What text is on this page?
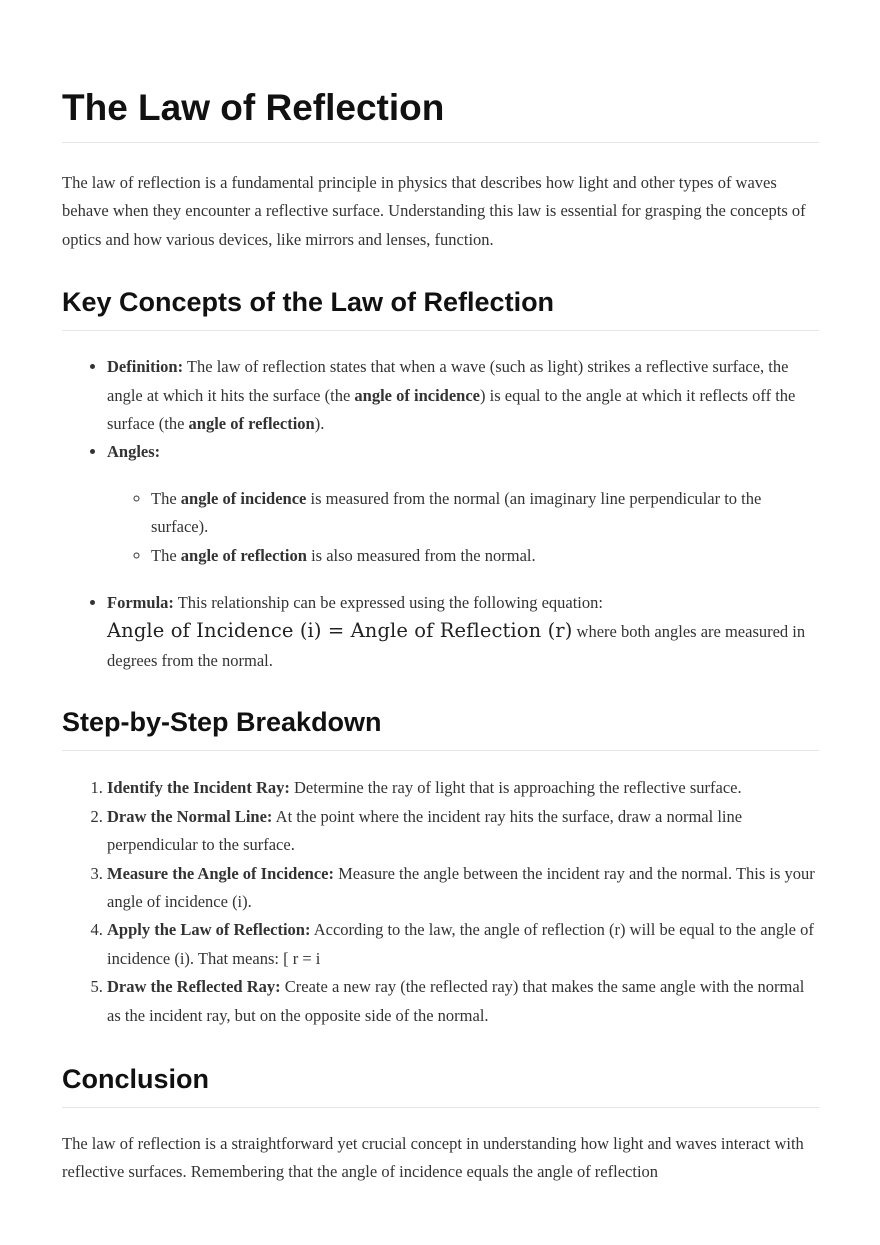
The Law of Reflection

The law of reflection is a fundamental principle in physics that describes how light and other types of waves behave when they encounter a reflective surface. Understanding this law is essential for grasping the concepts of optics and how various devices, like mirrors and lenses, function.

Key Concepts of the Law of Reflection
• Definition: The law of reflection states that when a wave (such as light) strikes a reflective surface, the angle at which it hits the surface (the angle of incidence) is equal to the angle at which it reflects off the surface (the angle of reflection).
• Angles:
◦ The angle of incidence is measured from the normal (an imaginary line perpendicular to the surface).
◦ The angle of reflection is also measured from the normal.
• Formula: This relationship can be expressed using the following equation:
Angle of Incidence (i) = Angle of Reflection (r) where both angles are measured in degrees from the normal.
Step-by-Step Breakdown
1. Identify the Incident Ray: Determine the ray of light that is approaching the reflective surface.
2. Draw the Normal Line: At the point where the incident ray hits the surface, draw a normal line perpendicular to the surface.
3. Measure the Angle of Incidence: Measure the angle between the incident ray and the normal. This is your angle of incidence (i).
4. Apply the Law of Reflection: According to the law, the angle of reflection (r) will be equal to the angle of incidence (i). That means: [ r = i
5. Draw the Reflected Ray: Create a new ray (the reflected ray) that makes the same angle with the normal as the incident ray, but on the opposite side of the normal.
Conclusion

The law of reflection is a straightforward yet crucial concept in understanding how light and waves interact with reflective surfaces. Remembering that the angle of incidence equals the angle of reflection
